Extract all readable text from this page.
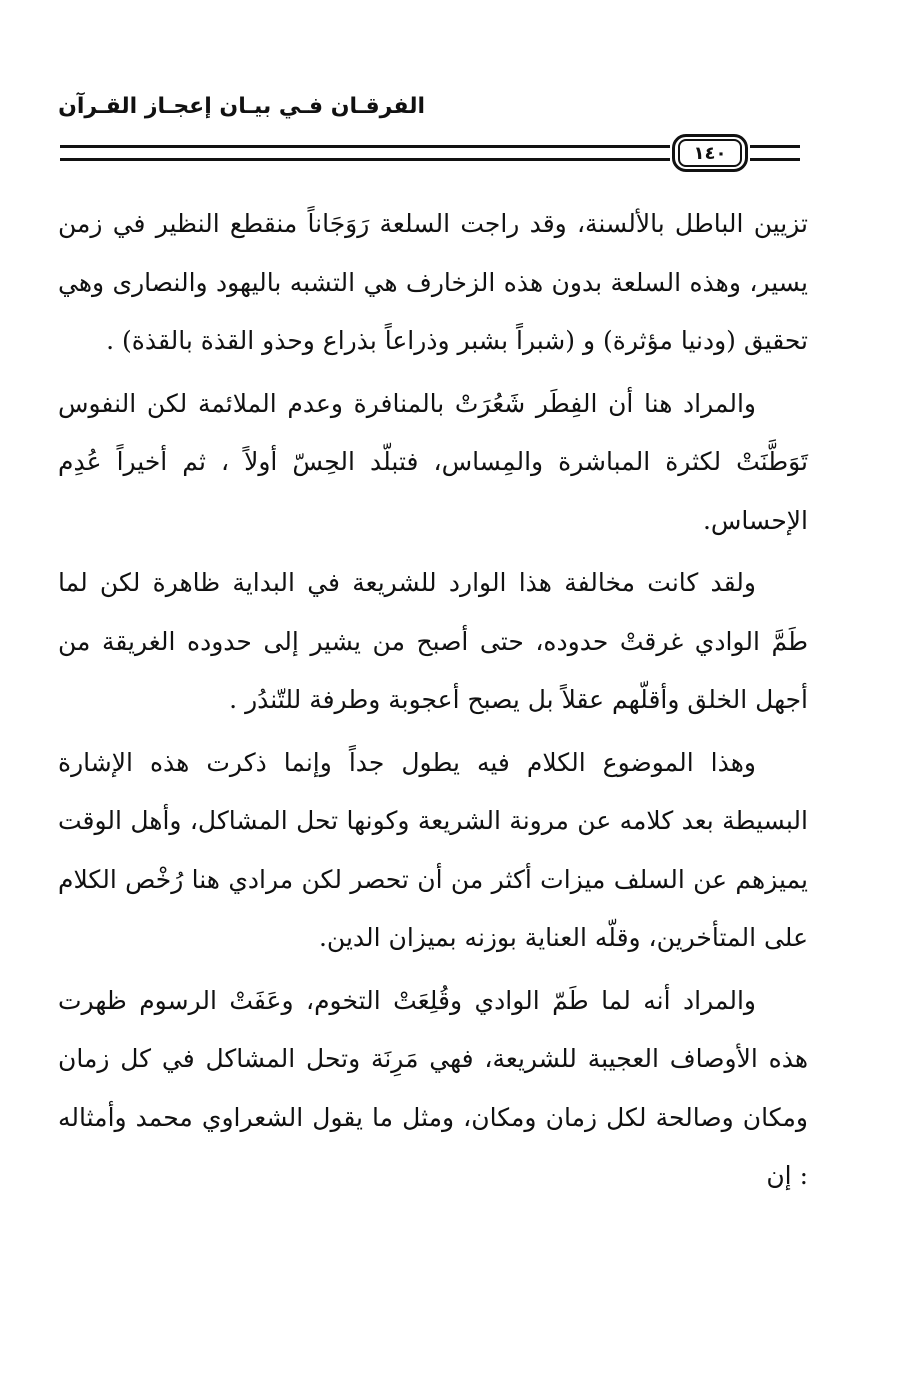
الفرقـان فـي بيـان إعجـاز القـرآن
١٤٠

تزيين الباطل بالألسنة، وقد راجت السلعة رَوَجَاناً منقطع النظير في زمن يسير، وهذه السلعة بدون هذه الزخارف هي التشبه باليهود والنصارى وهي تحقيق (ودنيا مؤثرة) و (شبراً بشبر وذراعاً بذراع وحذو القذة بالقذة) .

والمراد هنا أن الفِطَر شَعُرَتْ بالمنافرة وعدم الملائمة لكن النفوس تَوَطَّنَتْ لكثرة المباشرة والمِساس، فتبلّد الحِسّ أولاً ، ثم أخيراً عُدِم الإحساس.

ولقد كانت مخالفة هذا الوارد للشريعة في البداية ظاهرة لكن لما طَمَّ الوادي غرقتْ حدوده، حتى أصبح من يشير إلى حدوده الغريقة من أجهل الخلق وأقلّهم عقلاً بل يصبح أعجوبة وطرفة للتّندُر .

وهذا الموضوع الكلام فيه يطول جداً وإنما ذكرت هذه الإشارة البسيطة بعد كلامه عن مرونة الشريعة وكونها تحل المشاكل، وأهل الوقت يميزهم عن السلف ميزات أكثر من أن تحصر لكن مرادي هنا رُخْص الكلام على المتأخرين، وقلّه العناية بوزنه بميزان الدين.

والمراد أنه لما طَمّ الوادي وقُلِعَتْ التخوم، وعَفَتْ الرسوم ظهرت هذه الأوصاف العجيبة للشريعة، فهي مَرِنَة وتحل المشاكل في كل زمان ومكان وصالحة لكل زمان ومكان، ومثل ما يقول الشعراوي محمد وأمثاله : إن
